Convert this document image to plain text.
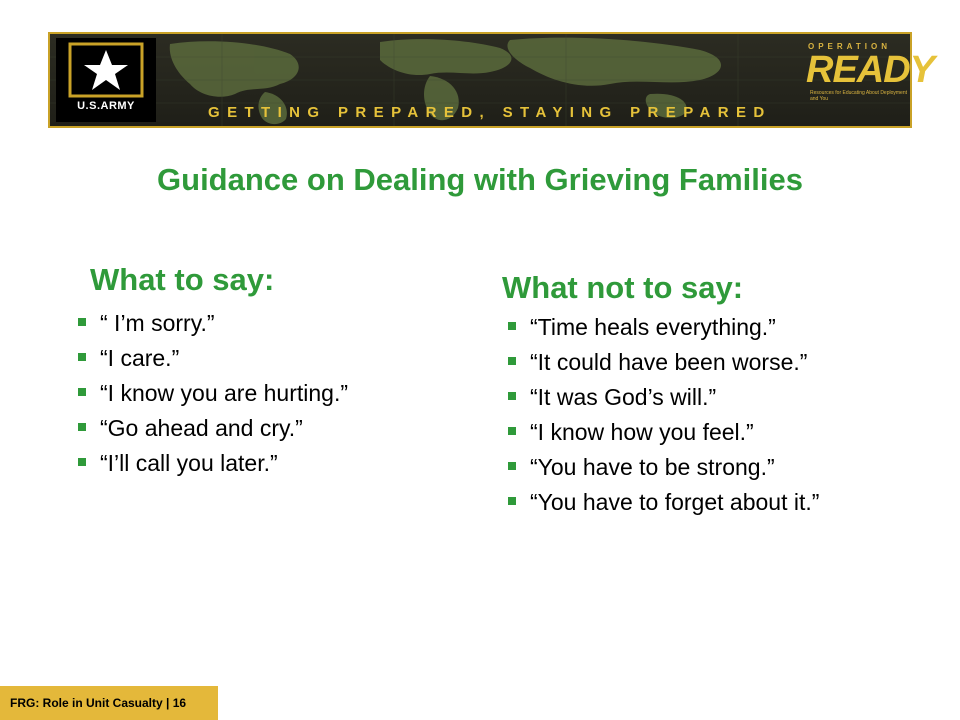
U.S.ARMY
OPERATION
READY
Resources for Educating About Deployment and You
GETTING PREPARED, STAYING PREPARED
Guidance on Dealing with Grieving Families
What to say:
“ I’m sorry.”
“I care.”
“I know you are hurting.”
“Go ahead and cry.”
“I’ll call you later.”
What not to say:
“Time heals everything.”
“It could have been worse.”
“It was God’s will.”
“I know how you feel.”
“You have to be strong.”
“You have to forget about it.”
FRG: Role in Unit Casualty | 16
